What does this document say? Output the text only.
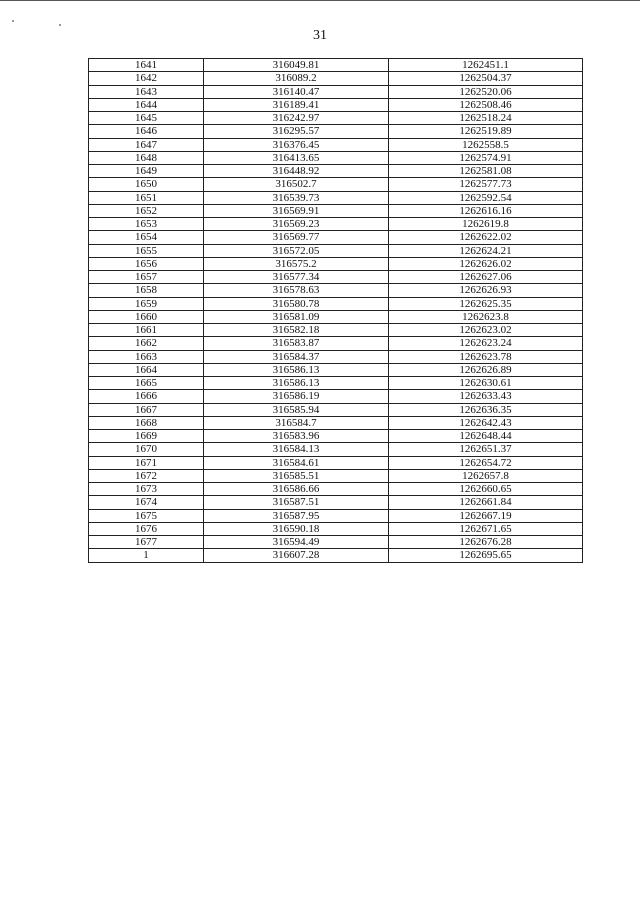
31
1641	316049.81	1262451.1
1642	316089.2	1262504.37
1643	316140.47	1262520.06
1644	316189.41	1262508.46
1645	316242.97	1262518.24
1646	316295.57	1262519.89
1647	316376.45	1262558.5
1648	316413.65	1262574.91
1649	316448.92	1262581.08
1650	316502.7	1262577.73
1651	316539.73	1262592.54
1652	316569.91	1262616.16
1653	316569.23	1262619.8
1654	316569.77	1262622.02
1655	316572.05	1262624.21
1656	316575.2	1262626.02
1657	316577.34	1262627.06
1658	316578.63	1262626.93
1659	316580.78	1262625.35
1660	316581.09	1262623.8
1661	316582.18	1262623.02
1662	316583.87	1262623.24
1663	316584.37	1262623.78
1664	316586.13	1262626.89
1665	316586.13	1262630.61
1666	316586.19	1262633.43
1667	316585.94	1262636.35
1668	316584.7	1262642.43
1669	316583.96	1262648.44
1670	316584.13	1262651.37
1671	316584.61	1262654.72
1672	316585.51	1262657.8
1673	316586.66	1262660.65
1674	316587.51	1262661.84
1675	316587.95	1262667.19
1676	316590.18	1262671.65
1677	316594.49	1262676.28
1	316607.28	1262695.65
